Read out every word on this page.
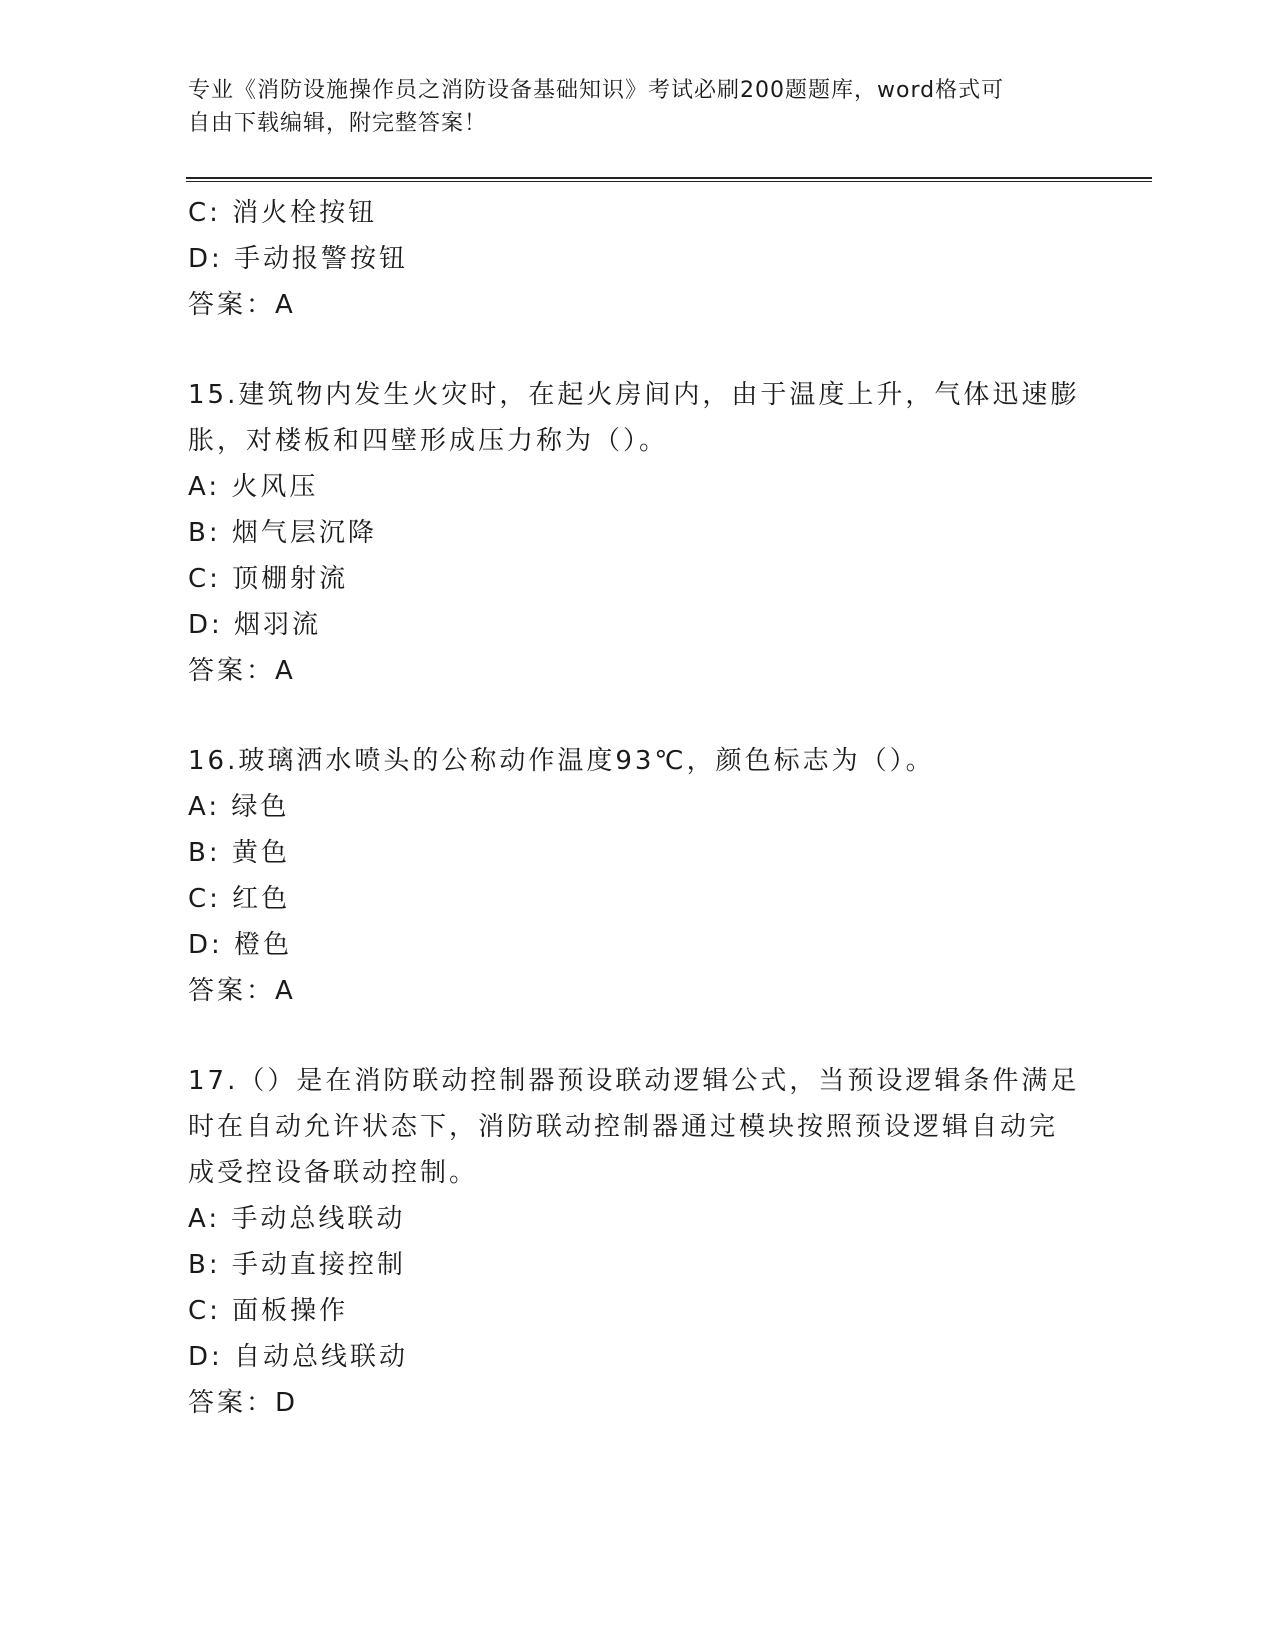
专业《消防设施操作员之消防设备基础知识》考试必刷200题题库，word格式可
自由下载编辑，附完整答案！
C: 消火栓按钮
D: 手动报警按钮
答案：A
15.建筑物内发生火灾时，在起火房间内，由于温度上升，气体迅速膨
胀，对楼板和四壁形成压力称为（）。
A: 火风压
B: 烟气层沉降
C: 顶棚射流
D: 烟羽流
答案：A
16.玻璃洒水喷头的公称动作温度93℃，颜色标志为（）。
A: 绿色
B: 黄色
C: 红色
D: 橙色
答案：A
17.（）是在消防联动控制器预设联动逻辑公式，当预设逻辑条件满足
时在自动允许状态下，消防联动控制器通过模块按照预设逻辑自动完
成受控设备联动控制。
A: 手动总线联动
B: 手动直接控制
C: 面板操作
D: 自动总线联动
答案：D
